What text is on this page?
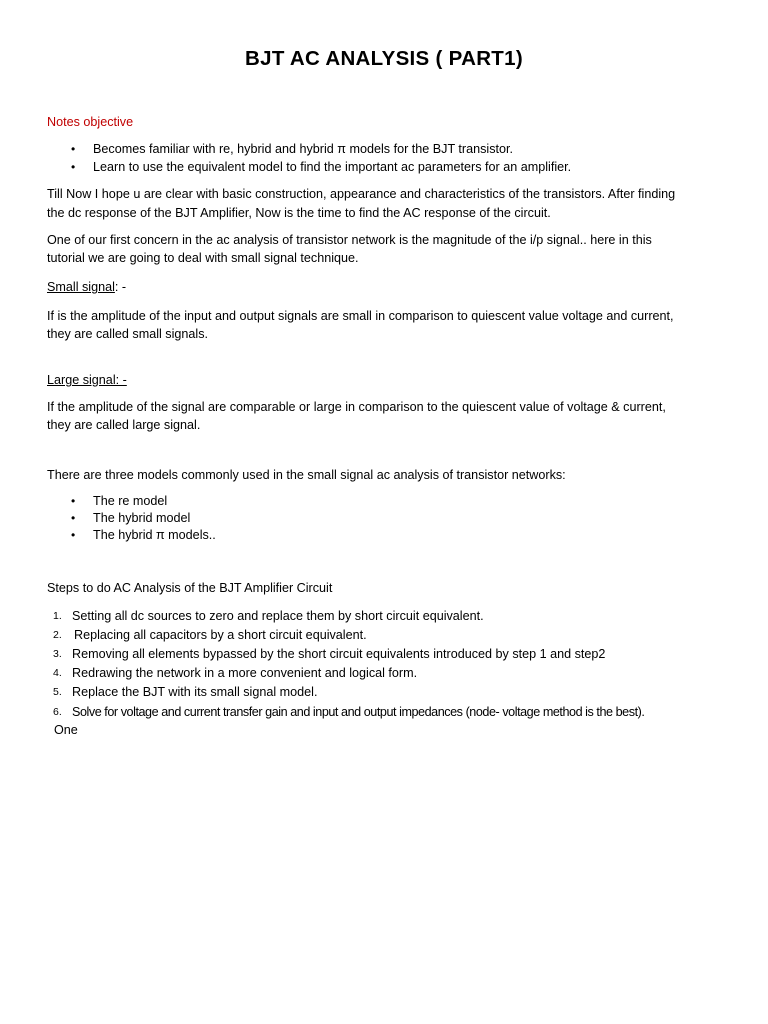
BJT AC ANALYSIS ( PART1)
Notes objective
• Becomes familiar with re, hybrid and hybrid π models for the BJT transistor.
• Learn to use the equivalent model to find the important ac parameters for an amplifier.
Till Now I hope u are clear with basic construction, appearance and characteristics of the transistors. After finding
the dc response of the BJT Amplifier, Now is the time to find the AC response of the circuit.
One of our first concern in the ac analysis of transistor network is the magnitude of the i/p signal.. here in this
tutorial we are going to deal with small signal technique.
Small signal: -
If is the amplitude of the input and output signals are small in comparison to quiescent value voltage and current,
they are called small signals.
Large signal: -
If the amplitude of the signal are comparable or large in comparison to the quiescent value of voltage & current,
they are called large signal.
There are three models commonly used in the small signal ac analysis of transistor networks:
• The re model
• The hybrid model
• The hybrid π models..
Steps to do AC Analysis of the BJT Amplifier Circuit
1. Setting all dc sources to zero and replace them by short circuit equivalent.
2. Replacing all capacitors by a short circuit equivalent.
3. Removing all elements bypassed by the short circuit equivalents introduced by step 1 and step2
4. Redrawing the network in a more convenient and logical form.
5. Replace the BJT with its small signal model.
6. Solve for voltage and current transfer gain and input and output impedances (node- voltage method is the best).
One
